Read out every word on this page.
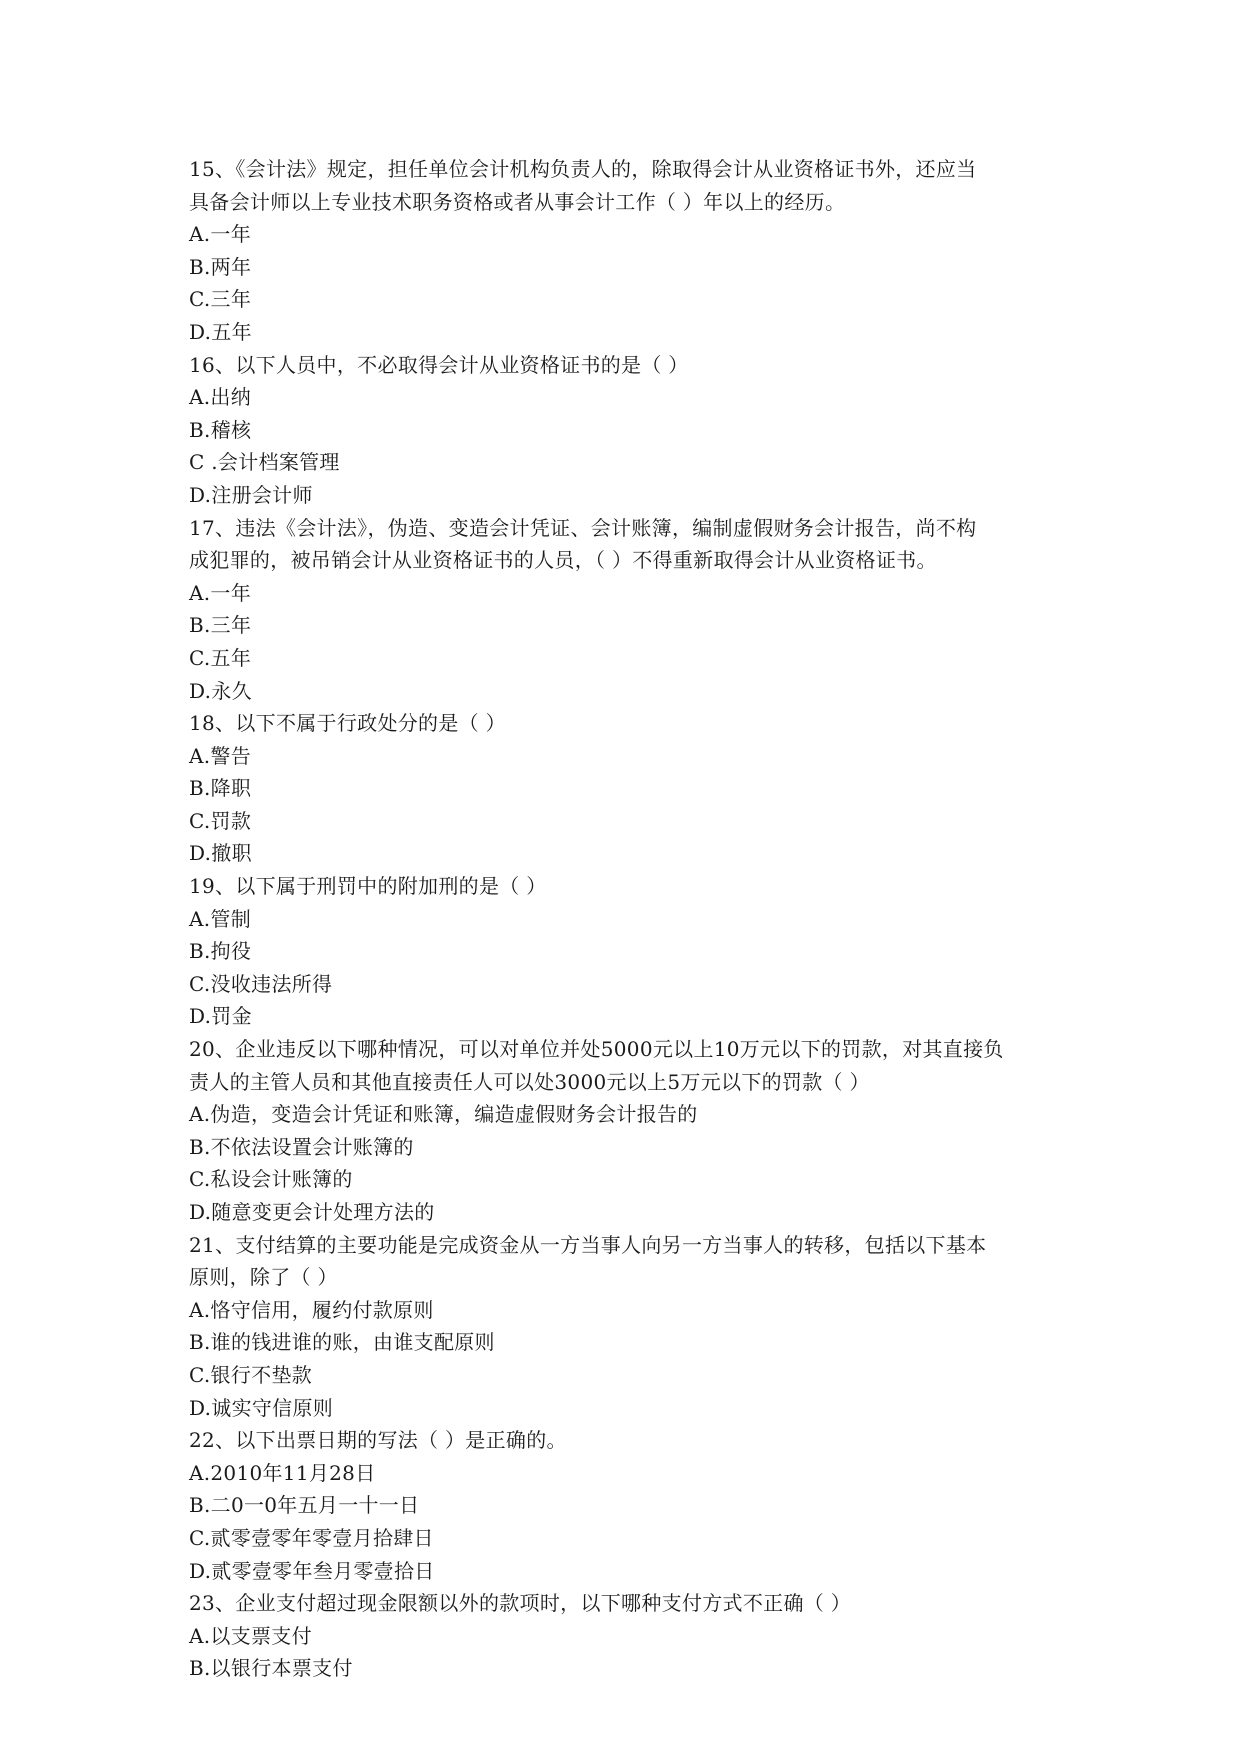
15、《会计法》规定，担任单位会计机构负责人的，除取得会计从业资格证书外，还应当
具备会计师以上专业技术职务资格或者从事会计工作（ ）年以上的经历。
A.一年
B.两年
C.三年
D.五年
16、以下人员中，不必取得会计从业资格证书的是（ ）
A.出纳
B.稽核
C .会计档案管理
D.注册会计师
17、违法《会计法》，伪造、变造会计凭证、会计账簿，编制虚假财务会计报告，尚不构
成犯罪的，被吊销会计从业资格证书的人员，（ ）不得重新取得会计从业资格证书。
A.一年
B.三年
C.五年
D.永久
18、以下不属于行政处分的是（ ）
A.警告
B.降职
C.罚款
D.撤职
19、以下属于刑罚中的附加刑的是（ ）
A.管制
B.拘役
C.没收违法所得
D.罚金
20、企业违反以下哪种情况，可以对单位并处5000元以上10万元以下的罚款，对其直接负
责人的主管人员和其他直接责任人可以处3000元以上5万元以下的罚款（ ）
A.伪造，变造会计凭证和账簿，编造虚假财务会计报告的
B.不依法设置会计账簿的
C.私设会计账簿的
D.随意变更会计处理方法的
21、支付结算的主要功能是完成资金从一方当事人向另一方当事人的转移，包括以下基本
原则，除了（ ）
A.恪守信用，履约付款原则
B.谁的钱进谁的账，由谁支配原则
C.银行不垫款
D.诚实守信原则
22、以下出票日期的写法（ ）是正确的。
A.2010年11月28日
B.二0一0年五月一十一日
C.贰零壹零年零壹月拾肆日
D.贰零壹零年叁月零壹拾日
23、企业支付超过现金限额以外的款项时，以下哪种支付方式不正确（ ）
A.以支票支付
B.以银行本票支付
